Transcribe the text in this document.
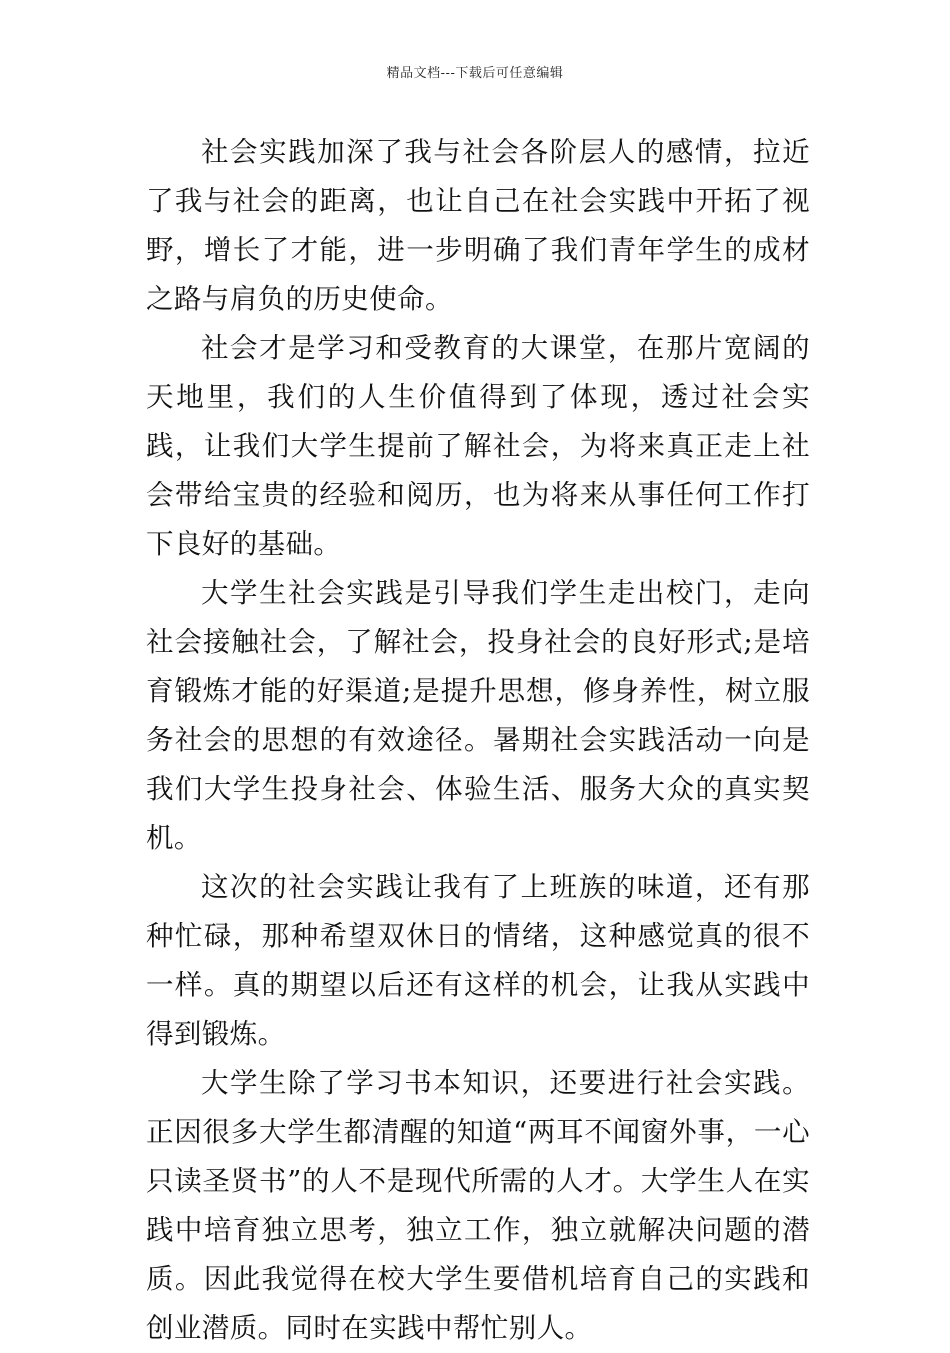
精品文档---下载后可任意编辑

社会实践加深了我与社会各阶层人的感情，拉近了我与社会的距离，也让自己在社会实践中开拓了视野，增长了才能，进一步明确了我们青年学生的成材之路与肩负的历史使命。

社会才是学习和受教育的大课堂，在那片宽阔的天地里，我们的人生价值得到了体现，透过社会实践，让我们大学生提前了解社会，为将来真正走上社会带给宝贵的经验和阅历，也为将来从事任何工作打下良好的基础。

大学生社会实践是引导我们学生走出校门，走向社会接触社会，了解社会，投身社会的良好形式;是培育锻炼才能的好渠道;是提升思想，修身养性，树立服务社会的思想的有效途径。暑期社会实践活动一向是我们大学生投身社会、体验生活、服务大众的真实契机。

这次的社会实践让我有了上班族的味道，还有那种忙碌，那种希望双休日的情绪，这种感觉真的很不一样。真的期望以后还有这样的机会，让我从实践中得到锻炼。

大学生除了学习书本知识，还要进行社会实践。正因很多大学生都清醒的知道“两耳不闻窗外事，一心只读圣贤书”的人不是现代所需的人才。大学生人在实践中培育独立思考，独立工作，独立就解决问题的潜质。因此我觉得在校大学生要借机培育自己的实践和创业潜质。同时在实践中帮忙别人。
